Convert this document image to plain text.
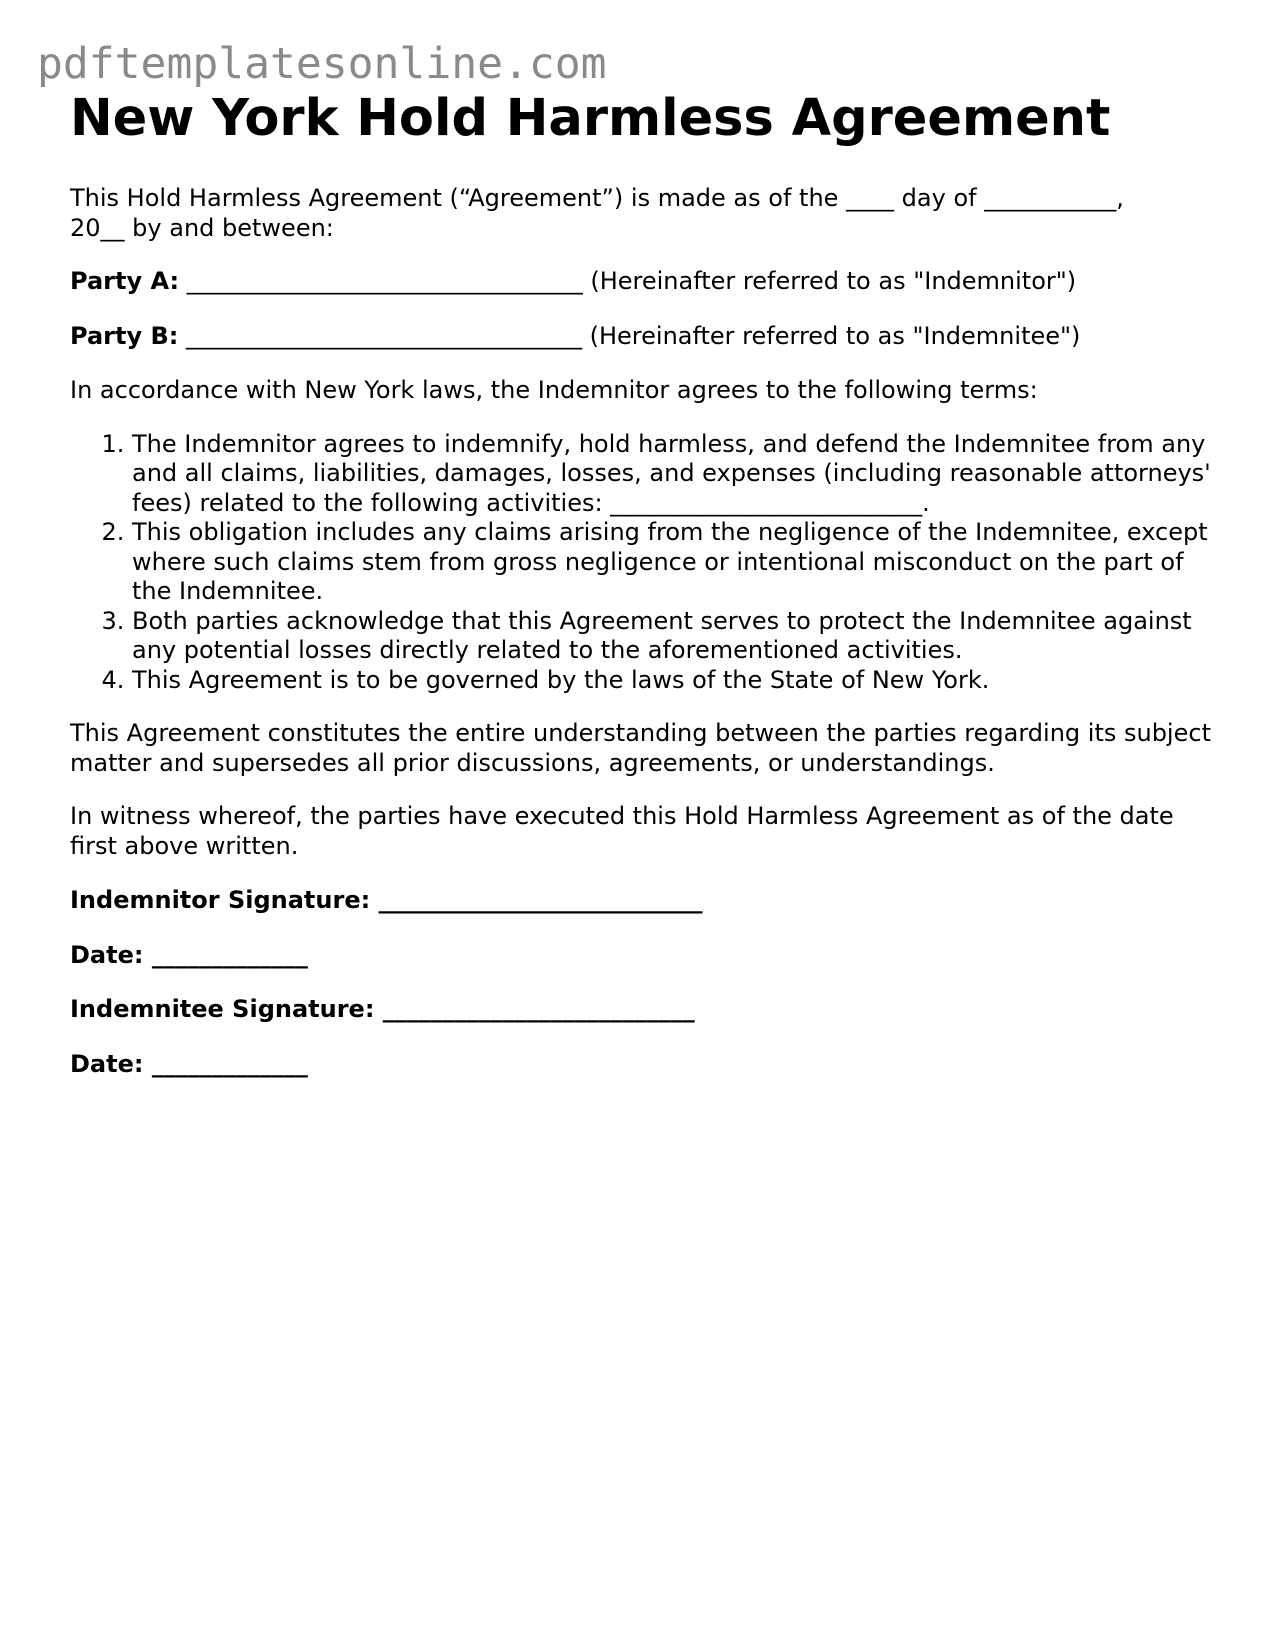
pdftemplatesonline.com
New York Hold Harmless Agreement

This Hold Harmless Agreement (“Agreement”) is made as of the ____ day of ___________,
20__ by and between:

Party A: _________________________________ (Hereinafter referred to as "Indemnitor")

Party B: _________________________________ (Hereinafter referred to as "Indemnitee")

In accordance with New York laws, the Indemnitor agrees to the following terms:

1. The Indemnitor agrees to indemnify, hold harmless, and defend the Indemnitee from any and all claims, liabilities, damages, losses, and expenses (including reasonable attorneys' fees) related to the following activities: __________________________.
2. This obligation includes any claims arising from the negligence of the Indemnitee, except where such claims stem from gross negligence or intentional misconduct on the part of the Indemnitee.
3. Both parties acknowledge that this Agreement serves to protect the Indemnitee against any potential losses directly related to the aforementioned activities.
4. This Agreement is to be governed by the laws of the State of New York.

This Agreement constitutes the entire understanding between the parties regarding its subject matter and supersedes all prior discussions, agreements, or understandings.

In witness whereof, the parties have executed this Hold Harmless Agreement as of the date first above written.

Indemnitor Signature: ___________________________

Date: _____________

Indemnitee Signature: __________________________

Date: _____________
